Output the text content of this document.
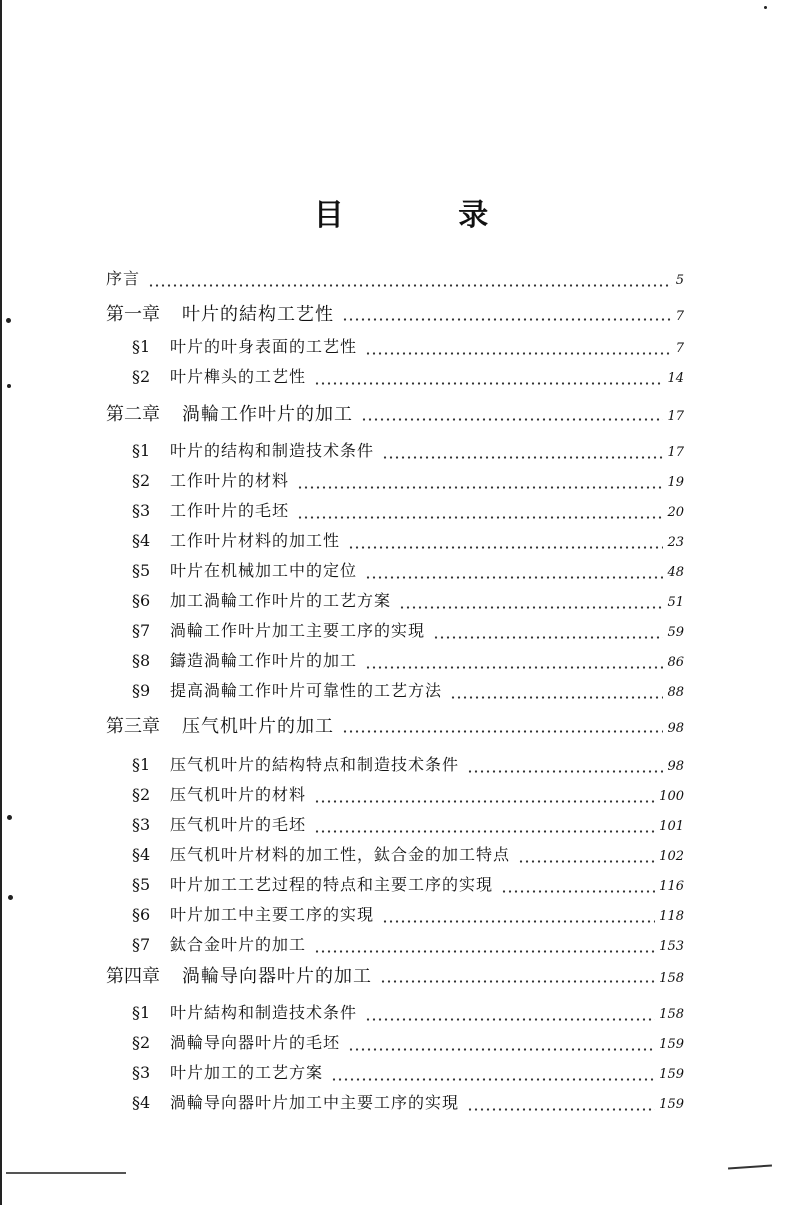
目 录
序言	5
第一章 叶片的結构工艺性	7
§1	叶片的叶身表面的工艺性	7
§2	叶片榫头的工艺性	14
第二章 渦輪工作叶片的加工	17
§1	叶片的结构和制造技术条件	17
§2	工作叶片的材料	19
§3	工作叶片的毛坯	20
§4	工作叶片材料的加工性	23
§5	叶片在机械加工中的定位	48
§6	加工渦輪工作叶片的工艺方案	51
§7	渦輪工作叶片加工主要工序的实現	59
§8	鑄造渦輪工作叶片的加工	86
§9	提高渦輪工作叶片可靠性的工艺方法	88
第三章 压气机叶片的加工	98
§1	压气机叶片的結构特点和制造技术条件	98
§2	压气机叶片的材料	100
§3	压气机叶片的毛坯	101
§4	压气机叶片材料的加工性，鈦合金的加工特点	102
§5	叶片加工工艺过程的特点和主要工序的实現	116
§6	叶片加工中主要工序的实現	118
§7	鈦合金叶片的加工	153
第四章 渦輪导向器叶片的加工	158
§1	叶片結构和制造技术条件	158
§2	渦輪导向器叶片的毛坯	159
§3	叶片加工的工艺方案	159
§4	渦輪导向器叶片加工中主要工序的实現	159
